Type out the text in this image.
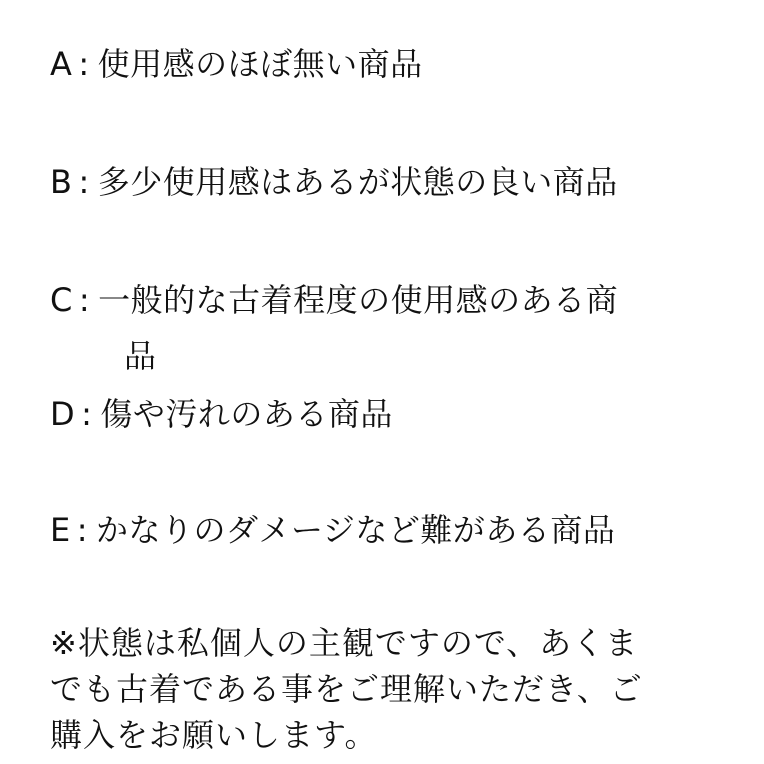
A : 使用感のほぼ無い商品
B : 多少使用感はあるが状態の良い商品
C : 一般的な古着程度の使用感のある商
品
D : 傷や汚れのある商品
E : かなりのダメージなど難がある商品
※状態は私個人の主観ですので、あくま
でも古着である事をご理解いただき、ご
購入をお願いします。
